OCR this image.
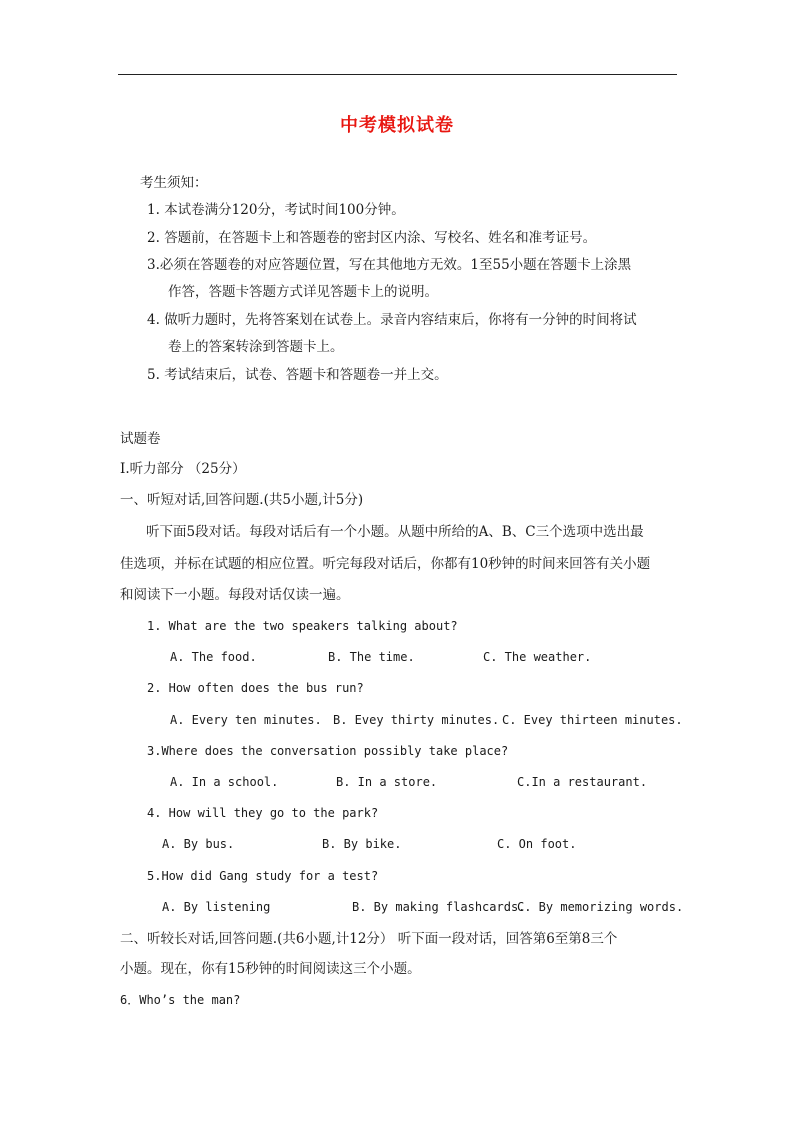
中考模拟试卷
考生须知：
1. 本试卷满分120分，考试时间100分钟。
2. 答题前，在答题卡上和答题卷的密封区内涂、写校名、姓名和准考证号。
3.必须在答题卷的对应答题位置，写在其他地方无效。1至55小题在答题卡上涂黑
作答，答题卡答题方式详见答题卡上的说明。
4. 做听力题时，先将答案划在试卷上。录音内容结束后，你将有一分钟的时间将试
卷上的答案转涂到答题卡上。
5. 考试结束后，试卷、答题卡和答题卷一并上交。
试题卷
Ⅰ.听力部分 （25分）
一、听短对话,回答问题.(共5小题,计5分)
听下面5段对话。每段对话后有一个小题。从题中所给的A、B、C三个选项中选出最
佳选项，并标在试题的相应位置。听完每段对话后，你都有10秒钟的时间来回答有关小题
和阅读下一小题。每段对话仅读一遍。
1. What are the two speakers talking about?
A. The food.	B. The time.	C. The weather.
2. How often does the bus run?
A. Every ten minutes. B. Evey thirty minutes. C. Evey thirteen minutes.
3.Where does the conversation possibly take place?
A. In a school.	B. In a store.	C.In a restaurant.
4. How will they go to the park?
A. By bus.	B. By bike.	C. On foot.
5.How did Gang study for a test?
A. By listening	B. By making flashcards.
C. By memorizing words.
二、听较长对话,回答问题.(共6小题,计12分） 听下面一段对话，回答第6至第8三个
小题。现在，你有15秒钟的时间阅读这三个小题。
6．Who’s the man?
